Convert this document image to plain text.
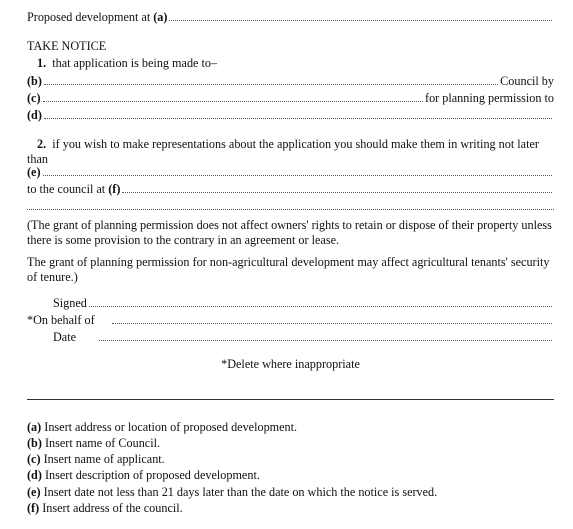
Proposed development at
(a)
TAKE NOTICE
1. that application is being made to–
(b)	Council by
(c)	for planning permission to
(d)
2. if you wish to make representations about the application you should make them in writing not later than
(e)
to the council at
(f)
(The grant of planning permission does not affect owners' rights to retain or dispose of their property unless there is some provision to the contrary in an agreement or lease.
The grant of planning permission for non-agricultural development may affect agricultural tenants' security of tenure.)
Signed
*On behalf of

Date

*Delete where inappropriate
(a) Insert address or location of proposed development.
(b) Insert name of Council.
(c) Insert name of applicant.
(d) Insert description of proposed development.
(e) Insert date not less than 21 days later than the date on which the notice is served.
(f) Insert address of the council.
